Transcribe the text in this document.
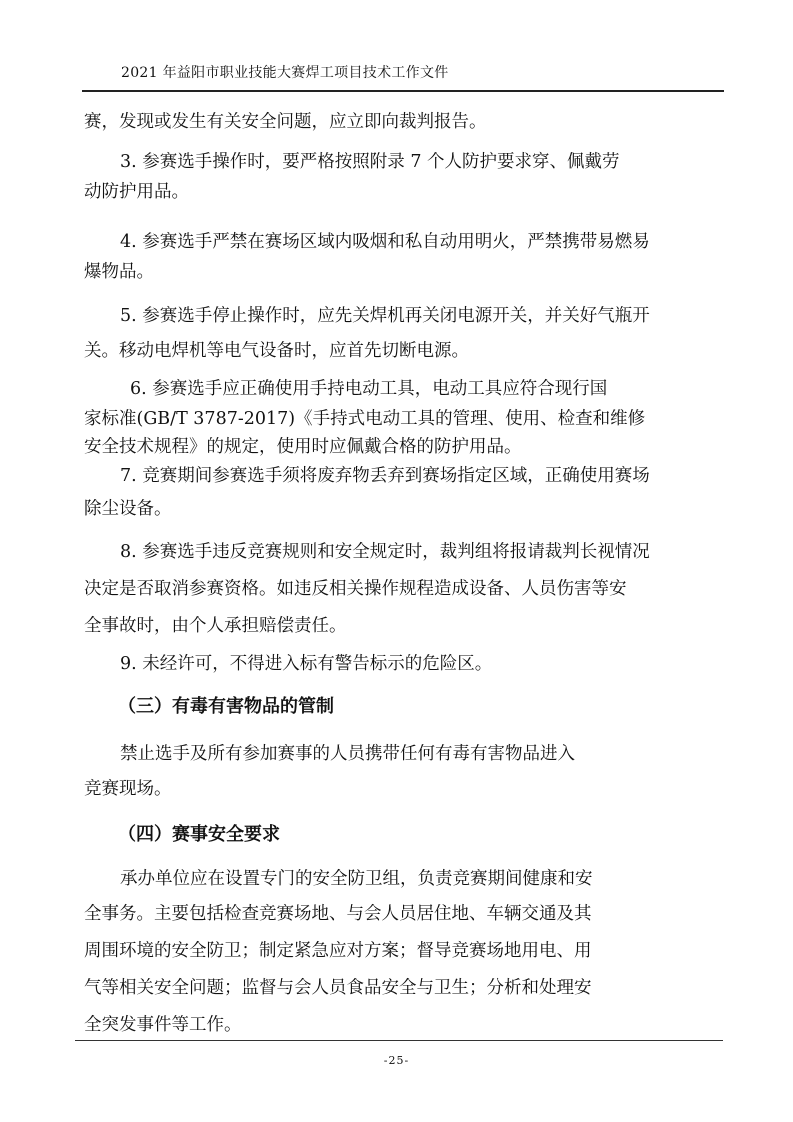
2021 年益阳市职业技能大赛焊工项目技术工作文件
赛，发现或发生有关安全问题，应立即向裁判报告。
3. 参赛选手操作时，要严格按照附录 7 个人防护要求穿、佩戴劳
动防护用品。
4. 参赛选手严禁在赛场区域内吸烟和私自动用明火，严禁携带易燃易
爆物品。
5. 参赛选手停止操作时，应先关焊机再关闭电源开关，并关好气瓶开
关。移动电焊机等电气设备时，应首先切断电源。
6. 参赛选手应正确使用手持电动工具，电动工具应符合现行国
家标准(GB/T 3787-2017)《手持式电动工具的管理、使用、检查和维修
安全技术规程》的规定，使用时应佩戴合格的防护用品。
7. 竞赛期间参赛选手须将废弃物丢弃到赛场指定区域，正确使用赛场
除尘设备。
8. 参赛选手违反竞赛规则和安全规定时，裁判组将报请裁判长视情况
决定是否取消参赛资格。如违反相关操作规程造成设备、人员伤害等安
全事故时，由个人承担赔偿责任。
9. 未经许可，不得进入标有警告标示的危险区。
（三）有毒有害物品的管制
禁止选手及所有参加赛事的人员携带任何有毒有害物品进入
竞赛现场。
（四）赛事安全要求
承办单位应在设置专门的安全防卫组，负责竞赛期间健康和安
全事务。主要包括检查竞赛场地、与会人员居住地、车辆交通及其
周围环境的安全防卫；制定紧急应对方案；督导竞赛场地用电、用
气等相关安全问题；监督与会人员食品安全与卫生；分析和处理安
全突发事件等工作。
-25-
